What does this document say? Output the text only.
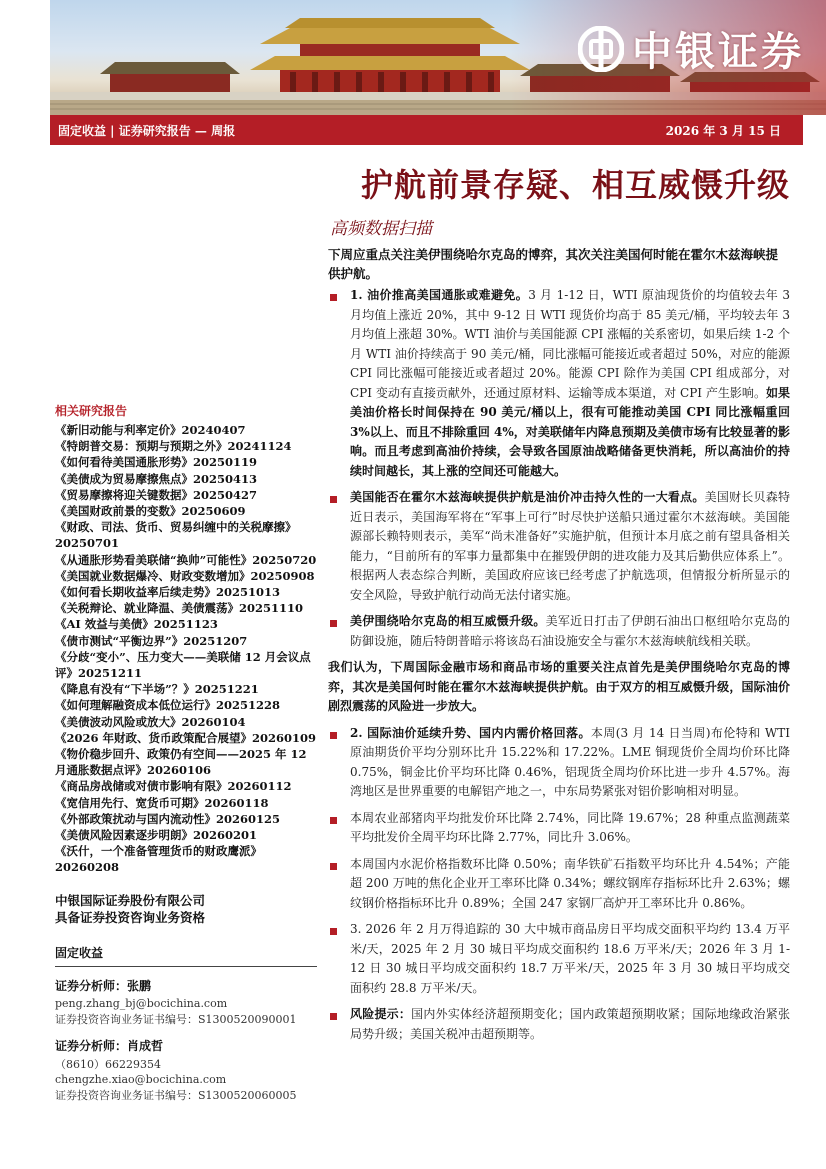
中银证券
固定收益 | 证券研究报告 — 周报	2026 年 3 月 15 日
护航前景存疑、相互威慑升级
高频数据扫描
下周应重点关注美伊围绕哈尔克岛的博弈，其次关注美国何时能在霍尔木兹海峡提供护航。
相关研究报告
《新旧动能与利率定价》20240407
《特朗普交易：预期与预期之外》20241124
《如何看待美国通胀形势》20250119
《美债成为贸易摩擦焦点》20250413
《贸易摩擦将迎关键数据》20250427
《美国财政前景的变数》20250609
《财政、司法、货币、贸易纠缠中的关税摩擦》20250701
《从通胀形势看美联储“换帅”可能性》20250720
《美国就业数据爆冷、财政变数增加》20250908
《如何看长期收益率后续走势》20251013
《关税辩论、就业降温、美债震荡》20251110
《AI 效益与美债》20251123
《债市测试“平衡边界”》20251207
《分歧“变小”、压力变大——美联储 12 月会议点评》20251211
《降息有没有“下半场”？》20251221
《如何理解融资成本低位运行》20251228
《美债波动风险或放大》20260104
《2026 年财政、货币政策配合展望》20260109
《物价稳步回升、政策仍有空间——2025 年 12 月通胀数据点评》20260106
《商品房战储或对债市影响有限》20260112
《宽信用先行、宽货币可期》20260118
《外部政策扰动与国内流动性》20260125
《美债风险因素逐步明朗》20260201
《沃什，一个准备管理货币的财政鹰派》20260208
中银国际证券股份有限公司
具备证券投资咨询业务资格
固定收益
证券分析师：张鹏
peng.zhang_bj@bocichina.com
证券投资咨询业务证书编号：S1300520090001
证券分析师：肖成哲
（8610）66229354
chengzhe.xiao@bocichina.com
证券投资咨询业务证书编号：S1300520060005
1. 油价推高美国通胀或难避免。3 月 1-12 日，WTI 原油现货价的均值较去年 3 月均值上涨近 20%，其中 9-12 日 WTI 现货价均高于 85 美元/桶，平均较去年 3 月均值上涨超 30%。WTI 油价与美国能源 CPI 涨幅的关系密切，如果后续 1-2 个月 WTI 油价持续高于 90 美元/桶，同比涨幅可能接近或者超过 50%，对应的能源 CPI 同比涨幅可能接近或者超过 20%。能源 CPI 除作为美国 CPI 组成部分，对 CPI 变动有直接贡献外，还通过原材料、运输等成本渠道，对 CPI 产生影响。如果美油价格长时间保持在 90 美元/桶以上，很有可能推动美国 CPI 同比涨幅重回 3%以上、而且不排除重回 4%，对美联储年内降息预期及美债市场有比较显著的影响。而且考虑到高油价持续，会导致各国原油战略储备更快消耗，所以高油价的持续时间越长，其上涨的空间还可能越大。
美国能否在霍尔木兹海峡提供护航是油价冲击持久性的一大看点。美国财长贝森特近日表示，美国海军将在“军事上可行”时尽快护送船只通过霍尔木兹海峡。美国能源部长赖特则表示，美军“尚未准备好”实施护航，但预计本月底之前有望具备相关能力，“目前所有的军事力量都集中在摧毁伊朗的进攻能力及其后勤供应体系上”。根据两人表态综合判断，美国政府应该已经考虑了护航选项，但情报分析所显示的安全风险，导致护航行动尚无法付诸实施。
美伊围绕哈尔克岛的相互威慑升级。美军近日打击了伊朗石油出口枢纽哈尔克岛的防御设施，随后特朗普暗示将该岛石油设施安全与霍尔木兹海峡航线相关联。
我们认为，下周国际金融市场和商品市场的重要关注点首先是美伊围绕哈尔克岛的博弈，其次是美国何时能在霍尔木兹海峡提供护航。由于双方的相互威慑升级，国际油价剧烈震荡的风险进一步放大。
2. 国际油价延续升势、国内内需价格回落。本周(3 月 14 日当周)布伦特和 WTI 原油期货价平均分别环比升 15.22%和 17.22%。LME 铜现货价全周均价环比降 0.75%，铜金比价平均环比降 0.46%，铝现货全周均价环比进一步升 4.57%。海湾地区是世界重要的电解铝产地之一，中东局势紧张对铝价影响相对明显。
本周农业部猪肉平均批发价环比降 2.74%，同比降 19.67%；28 种重点监测蔬菜平均批发价全周平均环比降 2.77%，同比升 3.06%。
本周国内水泥价格指数环比降 0.50%；南华铁矿石指数平均环比升 4.54%；产能超 200 万吨的焦化企业开工率环比降 0.34%；螺纹钢库存指标环比升 2.63%；螺纹钢价格指标环比升 0.89%；全国 247 家钢厂高炉开工率环比升 0.86%。
3. 2026 年 2 月万得追踪的 30 大中城市商品房日平均成交面积平均约 13.4 万平米/天，2025 年 2 月 30 城日平均成交面积约 18.6 万平米/天；2026 年 3 月 1-12 日 30 城日平均成交面积约 18.7 万平米/天，2025 年 3 月 30 城日平均成交面积约 28.8 万平米/天。
风险提示：国内外实体经济超预期变化；国内政策超预期收紧；国际地缘政治紧张局势升级；美国关税冲击超预期等。
